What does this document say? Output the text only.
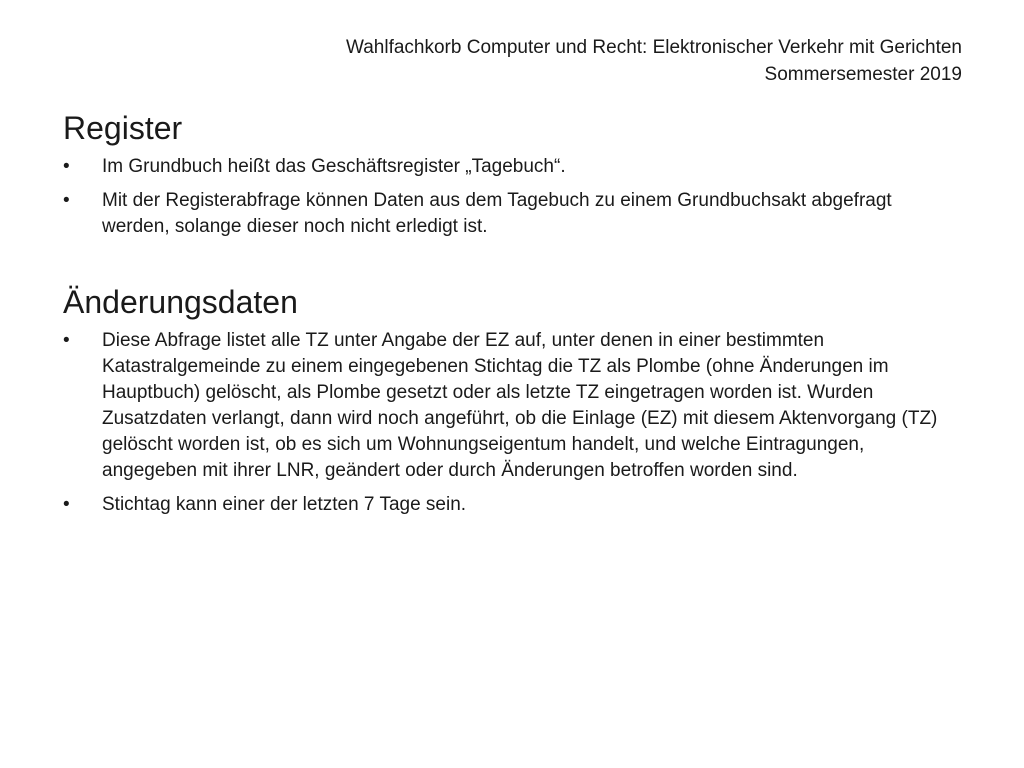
Wahlfachkorb Computer und Recht: Elektronischer Verkehr mit Gerichten
Sommersemester 2019
Register
•	Im Grundbuch heißt das Geschäftsregister „Tagebuch“.
•	Mit der Registerabfrage können Daten aus dem Tagebuch zu einem Grundbuchsakt abgefragt werden, solange dieser noch nicht erledigt ist.
Änderungsdaten
•	Diese Abfrage listet alle TZ unter Angabe der EZ auf, unter denen in einer bestimmten Katastralgemeinde zu einem eingegebenen Stichtag die TZ als Plombe (ohne Änderungen im Hauptbuch) gelöscht, als Plombe gesetzt oder als letzte TZ eingetragen worden ist. Wurden Zusatzdaten verlangt, dann wird noch angeführt, ob die Einlage (EZ) mit diesem Aktenvorgang (TZ) gelöscht worden ist, ob es sich um Wohnungseigentum handelt, und welche Eintragungen, angegeben mit ihrer LNR, geändert oder durch Änderungen betroffen worden sind.
•	Stichtag kann einer der letzten 7 Tage sein.
